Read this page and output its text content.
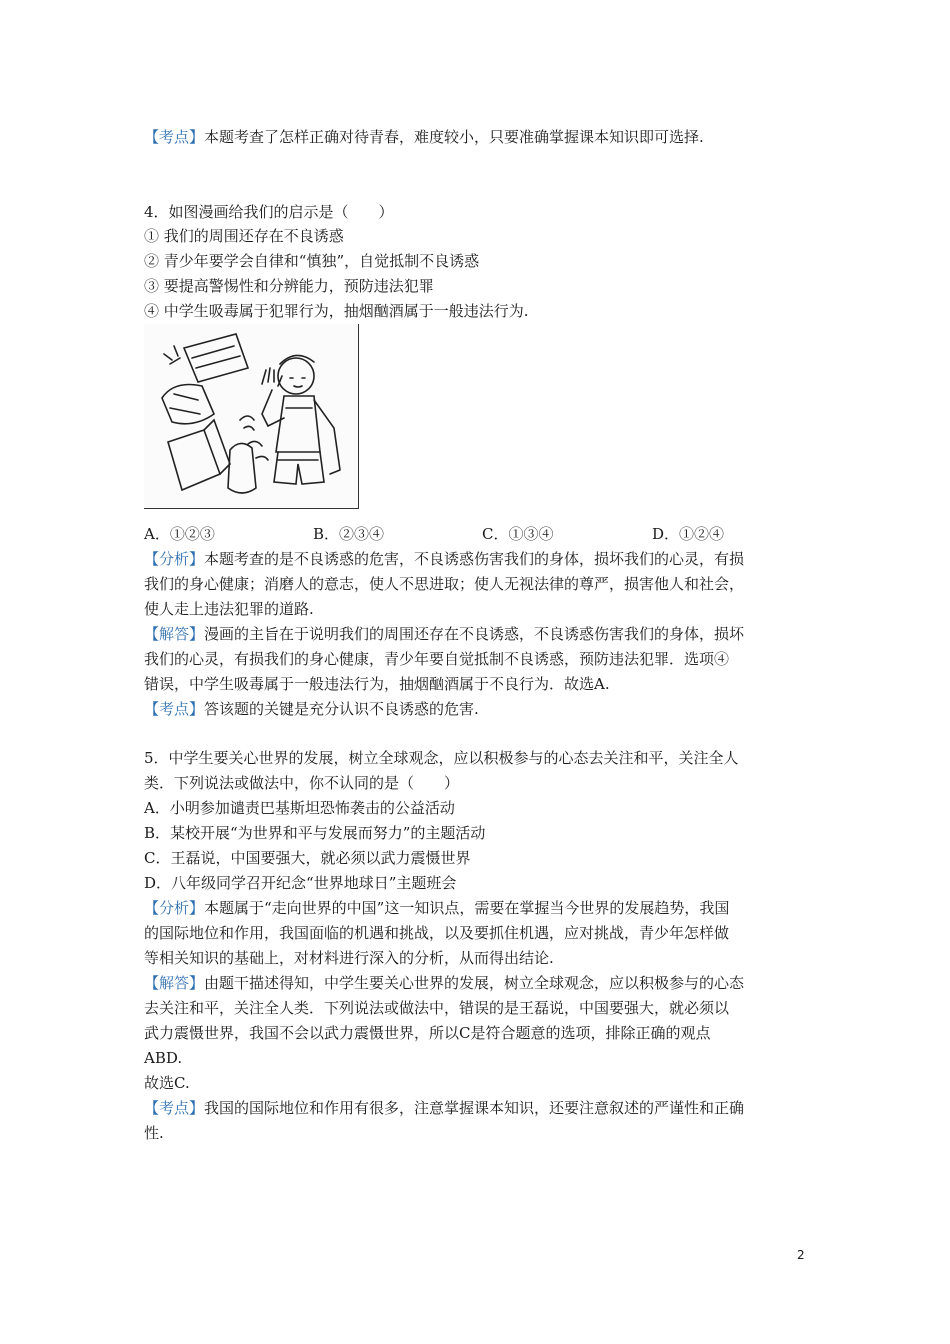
【考点】本题考查了怎样正确对待青春，难度较小，只要准确掌握课本知识即可选择.
4．如图漫画给我们的启示是（　　）
① 我们的周围还存在不良诱惑
② 青少年要学会自律和“慎独”，自觉抵制不良诱惑
③ 要提高警惕性和分辨能力，预防违法犯罪
④ 中学生吸毒属于犯罪行为，抽烟酗酒属于一般违法行为.
A．①②③	B．②③④	C．①③④	D．①②④
【分析】本题考查的是不良诱惑的危害，不良诱惑伤害我们的身体，损坏我们的心灵，有损
我们的身心健康；消磨人的意志，使人不思进取；使人无视法律的尊严，损害他人和社会，
使人走上违法犯罪的道路.
【解答】漫画的主旨在于说明我们的周围还存在不良诱惑，不良诱惑伤害我们的身体，损坏
我们的心灵，有损我们的身心健康，青少年要自觉抵制不良诱惑，预防违法犯罪．选项④
错误，中学生吸毒属于一般违法行为，抽烟酗酒属于不良行为．故选A.
【考点】答该题的关键是充分认识不良诱惑的危害.
5．中学生要关心世界的发展，树立全球观念，应以积极参与的心态去关注和平，关注全人
类．下列说法或做法中，你不认同的是（　　）
A．小明参加谴责巴基斯坦恐怖袭击的公益活动
B．某校开展“为世界和平与发展而努力”的主题活动
C．王磊说，中国要强大，就必须以武力震慑世界
D．八年级同学召开纪念“世界地球日”主题班会
【分析】本题属于“走向世界的中国”这一知识点，需要在掌握当今世界的发展趋势，我国
的国际地位和作用，我国面临的机遇和挑战，以及要抓住机遇，应对挑战，青少年怎样做
等相关知识的基础上，对材料进行深入的分析，从而得出结论.
【解答】由题干描述得知，中学生要关心世界的发展，树立全球观念，应以积极参与的心态
去关注和平，关注全人类．下列说法或做法中，错误的是王磊说，中国要强大，就必须以
武力震慑世界，我国不会以武力震慑世界，所以C是符合题意的选项，排除正确的观点
ABD.
故选C.
【考点】我国的国际地位和作用有很多，注意掌握课本知识，还要注意叙述的严谨性和正确
性.
2
